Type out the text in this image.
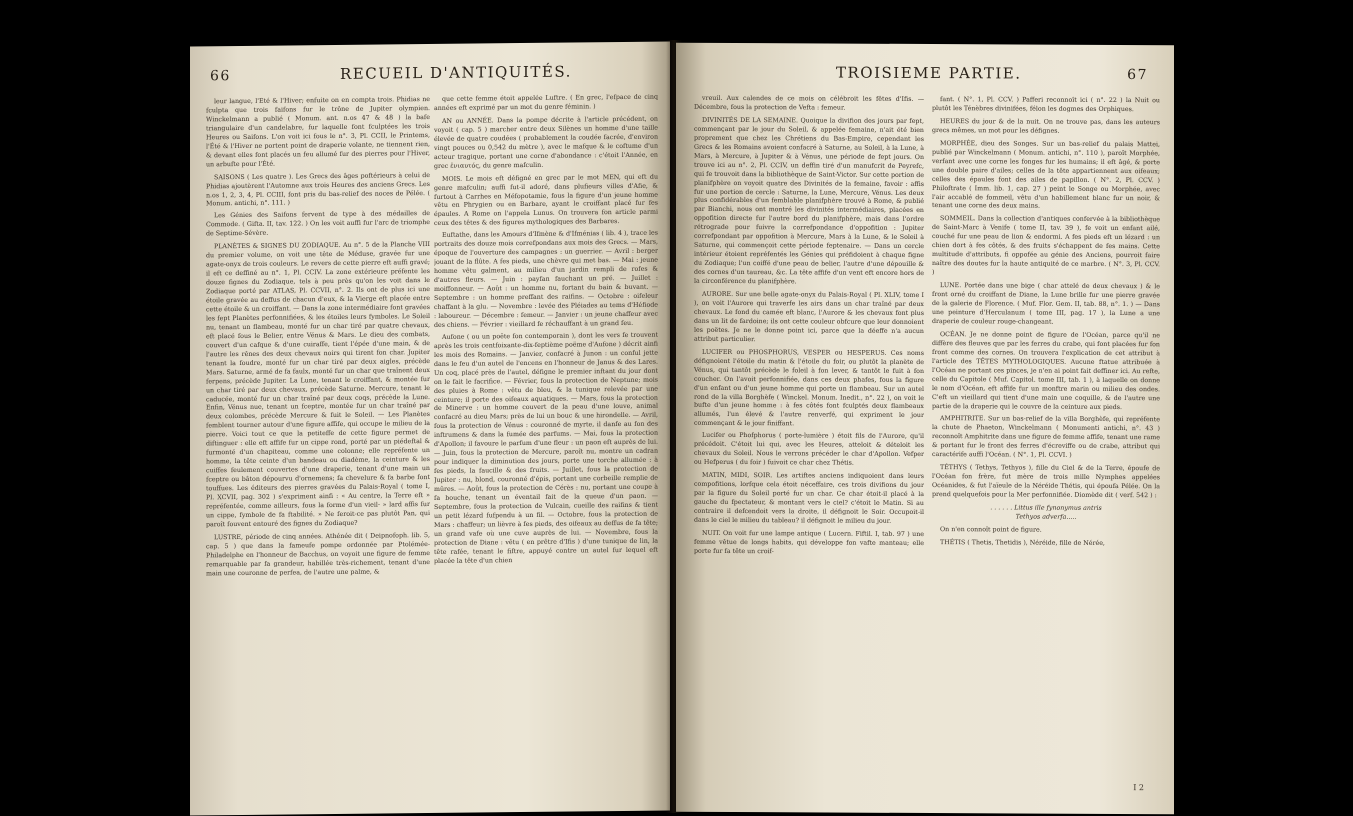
66	RECUEIL D'ANTIQUITÉS.

leur langue, l'Été & l'Hiver; enfuite on en compta trois. Phidias ne fculpta que trois faifons fur le trône de Jupiter olympien. Winckelmann a publié ( Monum. ant. n.os 47 & 48 ) la bafe triangulaire d'un candelabre, fur laquelle font fculptées les trois Heures ou Saifons. L'on voit ici fous le n°. 3, Pl. CCII, le Printems, l'Été & l'Hiver ne portent point de draperie volante, ne tiennent rien, & devant elles font placés un feu allumé fur des pierres pour l'Hiver, un arbufte pour l'Été.

SAISONS ( Les quatre ). Les Grecs des âges poftérieurs à celui de Phidias ajoutèrent l'Automne aux trois Heures des anciens Grecs. Les n.os 1, 2, 3, 4, Pl. CCIII, font pris du bas-relief des noces de Pélée. ( Monum. antichi, n°. 111. )

Les Génies des Saifons fervent de type à des médailles de Commode. ( Gifta. II, tav. 122. ) On les voit auffi fur l'arc de triomphe de Septime-Sévère.

PLANÈTES & SIGNES DU ZODIAQUE. Au n°. 5 de la Planche VIII du premier volume, on voit une tête de Méduse, gravée fur une agate-onyx de trois couleurs. Le revers de cette pierre eft auffi gravé; il eft ce deffiné au n°. 1, Pl. CCIV. La zone extérieure préfente les douze fignes du Zodiaque, tels à peu près qu'on les voit dans le Zodiaque porté par ATLAS, Pl. CCVII, n°. 2. Ils ont de plus ici une étoile gravée au deffus de chacun d'eux, & la Vierge eft placée entre cette étoile & un croiffant. — Dans la zone intermédiaire font gravées les fept Planètes perfonnifiées, & les étoiles leurs fymboles. Le Soleil nu, tenant un flambeau, monté fur un char tiré par quatre chevaux, eft placé fous le Belier, entre Vénus & Mars. Le dieu des combats, couvert d'un cafque & d'une cuiraffe, tient l'épée d'une main, & de l'autre les rênes des deux chevaux noirs qui tirent fon char. Jupiter tenant la foudre, monté fur un char tiré par deux aigles, précède Mars. Saturne, armé de fa faulx, monté fur un char que traînent deux ferpens, précède Jupiter. La Lune, tenant le croiffant, & montée fur un char tiré par deux chevaux, précède Saturne. Mercure, tenant le caducée, monté fur un char traîné par deux coqs, précède la Lune. Enfin, Vénus nue, tenant un fceptre, montée fur un char traîné par deux colombes, précède Mercure & fuit le Soleil. — Les Planètes femblent tourner autour d'une figure affife, qui occupe le milieu de la pierre. Voici tout ce que la petiteffe de cette figure permet de diftinguer : elle eft affife fur un cippe rond, porté par un piédeftal & furmonté d'un chapiteau, comme une colonne; elle repréfente un homme, la tête ceinte d'un bandeau ou diadème, la ceinture & les cuiffes feulement couvertes d'une draperie, tenant d'une main un fceptre ou bâton dépourvu d'ornemens; fa chevelure & fa barbe font touffues. Les éditeurs des pierres gravées du Palais-Royal ( tome I, Pl. XCVII, pag. 302 ) s'expriment ainfi : « Au centre, la Terre eft » repréfentée, comme ailleurs, fous la forme d'un vieil- » lard affis fur un cippe, fymbole de fa ftabilité. » Ne feroit-ce pas plutôt Pan, qui paroît fouvent entouré des fignes du Zodiaque?

LUSTRE, période de cinq années. Athénée dit ( Deipnofoph. lib. 5, cap. 5 ) que dans la fameufe pompe ordonnée par Ptolémée-Philadelphe en l'honneur de Bacchus, on voyoit une figure de femme remarquable par fa grandeur, habillée très-richement, tenant d'une main une couronne de perfea, de l'autre une palme, &

que cette femme étoit appelée Luftre. ( En grec, l'efpace de cinq années eft exprimé par un mot du genre féminin. )

AN ou ANNÉE. Dans la pompe décrite à l'article précédent, on voyoit ( cap. 5 ) marcher entre deux Silènes un homme d'une taille élevée de quatre coudées ( probablement la coudée facrée, d'environ vingt pouces ou 0,542 du mètre ), avec le mafque & le coftume d'un acteur tragique, portant une corne d'abondance : c'étoit l'Année, en grec ἐνιαυτός, du genre mafculin.

MOIS. Le mois eft défigné en grec par le mot MEN, qui eft du genre mafculin; auffi fut-il adoré, dans plufieurs villes d'Afie, & furtout à Carrhes en Méfopotamie, fous la figure d'un jeune homme vêtu en Phrygien ou en Barbare, ayant le croiffant placé fur fes épaules. A Rome on l'appela Lunus. On trouvera fon article parmi ceux des têtes & des figures mythologiques des Barbares.

Euftathe, dans les Amours d'Ifmène & d'Ifménias ( lib. 4 ), trace les portraits des douze mois correfpondans aux mois des Grecs. — Mars, époque de l'ouverture des campagnes : un guerrier. — Avril : berger jouant de la flûte. A fes pieds, une chèvre qui met bas. — Mai : jeune homme vêtu galment, au milieu d'un jardin rempli de rofes & d'autres fleurs. — Juin : payfan fauchant un pré. — Juillet : moiffonneur. — Août : un homme nu, fortant du bain & buvant. — Septembre : un homme preffant des raifins. — Octobre : oifeleur chaffant à la glu. — Novembre : levée des Pléiades au tems d'Héfiode : laboureur. — Décembre : femeur. — Janvier : un jeune chaffeur avec des chiens. — Février : vieillard fe réchauffant à un grand feu.

Aufone ( ou un poëte fon contemporain ), dont les vers fe trouvent après les trois centfoixante-dix-feptième poëme d'Aufone ) décrit ainfi les mois des Romains. — Janvier, confacré à Junon : un conful jette dans le feu d'un autel de l'encens en l'honneur de Janus & des Lares. Un coq, placé près de l'autel, défigne le premier inftant du jour dont on le fait le facrifice. — Février, fous la protection de Neptune; mois des pluies à Rome : vêtu de bleu, & la tunique relevée par une ceinture; il porte des oifeaux aquatiques. — Mars, fous la protection de Minerve : un homme couvert de la peau d'une louve, animal confacré au dieu Mars; près de lui un bouc & une hirondelle. — Avril, fous la protection de Vénus : couronné de myrte, il danfe au fon des inftrumens & dans la fumée des parfums. — Mai, fous la protection d'Apollon; il favoure le parfum d'une fleur : un paon eft auprès de lui. — Juin, fous la protection de Mercure, paroît nu, montre un cadran pour indiquer la diminution des jours, porte une torche allumée : à fes pieds, la faucille & des fruits. — Juillet, fous la protection de Jupiter : nu, blond, couronné d'épis, portant une corbeille remplie de mûres. — Août, fous la protection de Cérès : nu, portant une coupe à fa bouche, tenant un éventail fait de la queue d'un paon. — Septembre, fous la protection de Vulcain, cueille des raifins & tient un petit lézard fufpendu à un fil. — Octobre, fous la protection de Mars : chaffeur; un lièvre à fes pieds, des oifeaux au deffus de fa tête; un grand vafe où une cuve auprès de lui. — Novembre, fous la protection de Diane : vêtu ( en prêtre d'Ifis ) d'une tunique de lin, la tête rafée, tenant le fiftre, appuyé contre un autel fur lequel eft placée la tête d'un chien

TROISIEME PARTIE.	67

vreuil. Aux calendes de ce mois on célébroit les fêtes d'Ifis. — Décembre, fous la protection de Vefta : femeur.

DIVINITÉS DE LA SEMAINE. Quoique la divifion des jours par fept, commençant par le jour du Soleil, & appelée femaine, n'ait été bien proprement que chez les Chrétiens du Bas-Empire, cependant les Grecs & les Romains avoient confacré à Saturne, au Soleil, à la Lune, à Mars, à Mercure, à Jupiter & à Vénus, une période de fept jours. On trouve ici au n°. 2, Pl. CCIV, un deffin tiré d'un manufcrit de Peyrefc, qui fe trouvoit dans la bibliothèque de Saint-Victor. Sur cette portion de planifphère on voyoit quatre des Divinités de la femaine, favoir : affis fur une portion de cercle : Saturne, la Lune, Mercure, Vénus. Les deux plus confidérables d'un femblable planifphère trouvé à Rome, & publié par Bianchi, nous ont montré les divinités intermédiaires, placées en oppofition directe fur l'autre bord du planifphère, mais dans l'ordre rétrograde pour fuivre la correfpondance d'oppofition : Jupiter correfpondant par oppofition à Mercure, Mars à la Lune, & le Soleil à Saturne, qui commençoit cette période feptenaire. — Dans un cercle intérieur étoient repréfentés les Génies qui préfidoient à chaque figne du Zodiaque; l'un coiffé d'une peau de belier, l'autre d'une dépouille & des cornes d'un taureau, &c. La tête affife d'un vent eft encore hors de la circonférence du planifphère.

AURORE. Sur une belle agate-onyx du Palais-Royal ( Pl. XLIV, tome I ), on voit l'Aurore qui traverfe les airs dans un char traîné par deux chevaux. Le fond du camée eft blanc, l'Aurore & les chevaux font plus dans un lit de fardoine; ils ont cette couleur obfcure que leur donnoient les poëtes. Je ne le donne point ici, parce que la déeffe n'a aucun attribut particulier.

LUCIFER ou PHOSPHORUS, VESPER ou HESPERUS. Ces noms défignoient l'étoile du matin & l'étoile du foir, ou plutôt la planète de Vénus, qui tantôt précède le foleil à fon lever, & tantôt le fuit à fon coucher. On l'avoit perfonnifiée, dans ces deux phafes, fous la figure d'un enfant ou d'un jeune homme qui porte un flambeau. Sur un autel rond de la villa Borghèfe ( Winckel. Monum. Inedit., n°. 22 ), on voit le bufte d'un jeune homme : à fes côtés font fculptés deux flambeaux allumés, l'un élevé & l'autre renverfé, qui expriment le jour commençant & le jour finiffant.

Lucifer ou Phofphorus ( porte-lumière ) étoit fils de l'Aurore, qu'il précédoit. C'étoit lui qui, avec les Heures, atteloit & dételoit les chevaux du Soleil. Nous le verrons précéder le char d'Apollon. Vefper ou Hefperus ( du foir ) fuivoit ce char chez Thétis.

MATIN, MIDI, SOIR. Les artiftes anciens indiquoient dans leurs compofitions, lorfque cela étoit néceffaire, ces trois divifions du jour par la figure du Soleil porté fur un char. Ce char étoit-il placé à la gauche du fpectateur, & montant vers le ciel? c'étoit le Matin. Si au contraire il defcendoit vers la droite, il défignoit le Soir. Occupoit-il dans le ciel le milieu du tableau? il défignoit le milieu du jour.

NUIT. On voit fur une lampe antique ( Lucern. Fiftil. I, tab. 97 ) une femme vêtue de longs habits, qui développe fon vafte manteau; elle porte fur fa tête un croif-

fant. ( N°. 1, Pl. CCV. ) Pafferi reconnoît ici ( n°. 22 ) la Nuit ou plutôt les Ténèbres divinifées, félon les dogmes des Orphiques.

HEURES du jour & de la nuit. On ne trouve pas, dans les auteurs grecs mêmes, un mot pour les défignes.

MORPHÉE, dieu des Songes. Sur un bas-relief du palais Mattei, publié par Winckelmann ( Monum. antichi, n°. 110 ), paroît Morphée, verfant avec une corne les fonges fur les humains; il eft âgé, & porte une double paire d'ailes; celles de la tête appartiennent aux oifeaux; celles des épaules font des ailes de papillon. ( N°. 2, Pl. CCV. ) Philoftrate ( Imm. lib. 1, cap. 27 ) peint le Songe ou Morphée, avec l'air accablé de fommeil, vêtu d'un habillement blanc fur un noir, & tenant une corne des deux mains.

SOMMEIL. Dans la collection d'antiques confervée à la bibliothèque de Saint-Marc à Venife ( tome II, tav. 39 ), fe voit un enfant ailé, couché fur une peau de lion & endormi. A fes pieds eft un lézard : un chien dort à fes côtés, & des fruits s'échappent de fes mains. Cette multitude d'attributs, fi oppofée au génie des Anciens, pourroit faire naître des doutes fur la haute antiquité de ce marbre. ( N°. 3, Pl. CCV. )

LUNE. Portée dans une bige ( char attelé de deux chevaux ) & le front orné du croiffant de Diane, la Lune brille fur une pierre gravée de la galerie de Florence. ( Muf. Flor. Gem. II, tab. 88, n°. 1. ) — Dans une peinture d'Herculanum ( tome III, pag. 17 ), la Lune a une draperie de couleur rouge-changeant.

OCÉAN. Je ne donne point de figure de l'Océan, parce qu'il ne diffère des fleuves que par les ferres du crabe, qui font placées fur fon front comme des cornes. On trouvera l'explication de cet attribut à l'article des TÊTES MYTHOLOGIQUES. Aucune ftatue attribuée à l'Océan ne portant ces pinces, je n'en ai point fait deffiner ici. Au refte, celle du Capitole ( Muf. Capitol. tome III, tab. 1 ), à laquelle on donne le nom d'Océan, eft affife fur un monftre marin ou milieu des ondes. C'eft un vieillard qui tient d'une main une coquille, & de l'autre une partie de la draperie qui le couvre de la ceinture aux pieds.

AMPHITRITE. Sur un bas-relief de la villa Borghèfe, qui repréfente la chute de Phaeton, Winckelmann ( Monumenti antichi, n°. 43 ) reconnoît Amphitrite dans une figure de femme affife, tenant une rame & portant fur le front des ferres d'écreviffe ou de crabe, attribut qui caractérife auffi l'Océan. ( N°. 1, Pl. CCVI. )

TÉTHYS ( Tethys, Tethyos ), fille du Ciel & de la Terre, époufe de l'Océan fon frère, fut mère de trois mille Nymphes appelées Océanides, & fut l'aïeule de la Néréide Thétis, qui époufa Pélée. On la prend quelquefois pour la Mer perfonnifiée. Diomède dit ( verf. 542 ) :

. . . . . . Littus ille fynonymus antris
Tethyos adverfa.....

On n'en connoît point de figure.

THÉTIS ( Thetis, Thetidis ), Néréide, fille de Nérée,

I 2
